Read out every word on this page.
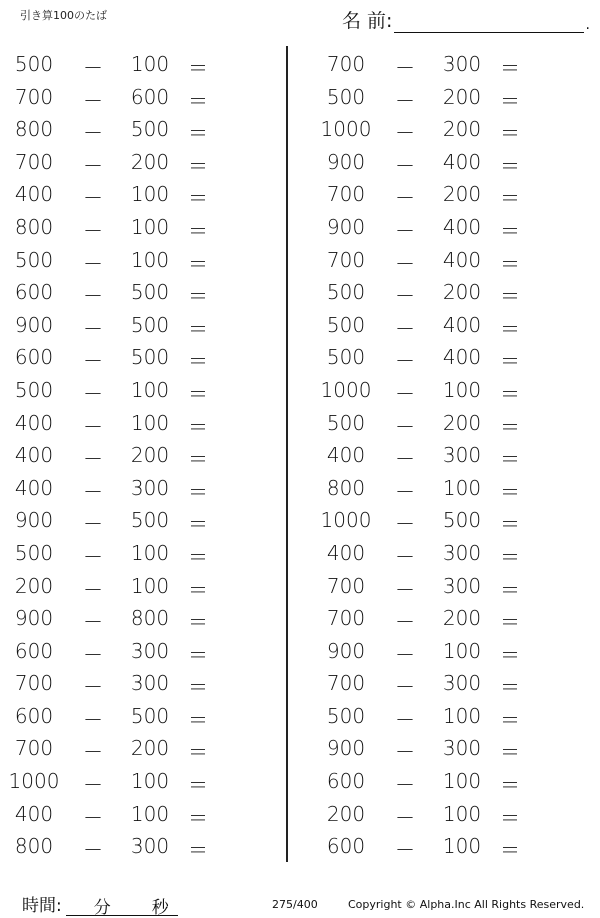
引き算100のたば	名 前:	.
500	－	100 ＝
700	－	600 ＝
800	－	500 ＝
700	－	200 ＝
400	－	100 ＝
800	－	100 ＝
500	－	100 ＝
600	－	500 ＝
900	－	500 ＝
600	－	500 ＝
500	－	100 ＝
400	－	100 ＝
400	－	200 ＝
400	－	300 ＝
900	－	500 ＝
500	－	100 ＝
200	－	100 ＝
900	－	800 ＝
600	－	300 ＝
700	－	300 ＝
600	－	500 ＝
700	－	200 ＝
1000 －	100 ＝
400	－	100 ＝
800	－	300 ＝
700	－	300 ＝
500	－	200 ＝
1000 －	200 ＝
900	－	400 ＝
700	－	200 ＝
900	－	400 ＝
700	－	400 ＝
500	－	200 ＝
500	－	400 ＝
500	－	400 ＝
1000 －	100 ＝
500	－	200 ＝
400	－	300 ＝
800	－	100 ＝
1000 －	500 ＝
400	－	300 ＝
700	－	300 ＝
700	－	200 ＝
900	－	100 ＝
700	－	300 ＝
500	－	100 ＝
900	－	300 ＝
600	－	100 ＝
200	－	100 ＝
600	－	100 ＝
時間: 分 秒	275/400	Copyright © Alpha.Inc All Rights Reserved.
